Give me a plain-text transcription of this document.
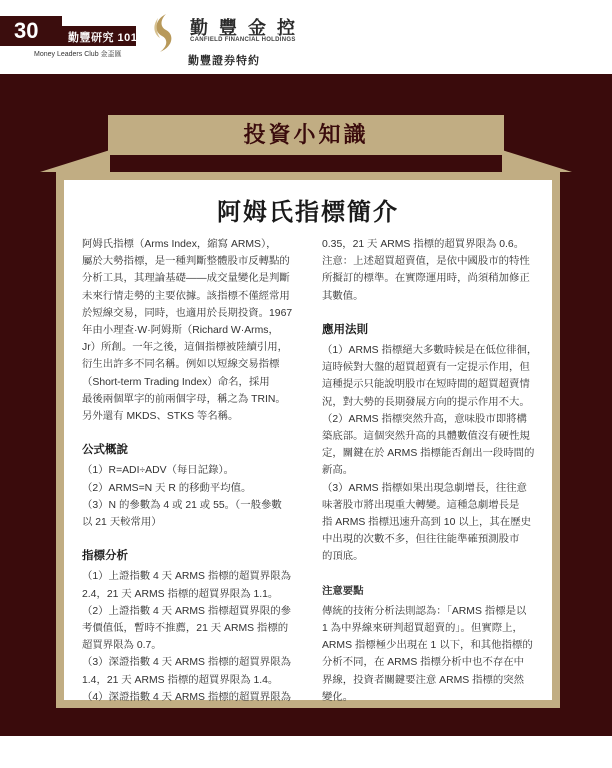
30	勤豐研究 101
Money Leaders Club 金盃匯
勤 豐 金 控
CANFIELD FINANCIAL HOLDINGS
勤豐證券特約
投資小知識
阿姆氏指標簡介

阿姆氏指標（Arms Index，縮寫 ARMS），

屬於大勢指標，是一種判斷整體股市反轉點的

分析工具，其理論基礎——成交量變化是判斷

未來行情走勢的主要依據。該指標不僅經常用

於短線交易，同時，也適用於長期投資。1967

年由小理查·W·阿姆斯（Richard W·Arms，

Jr）所創。一年之後，這個指標被陸續引用，

衍生出許多不同名稱。例如以短線交易指標

（Short-term Trading Index）命名，採用

最後兩個單字的前兩個字母，稱之為 TRIN。

另外還有 MKDS、STKS 等名稱。

公式概說

（1）R=ADI÷ADV（每日記錄）。

（2）ARMS=N 天 R 的移動平均值。

（3）N 的參數為 4 或 21 或 55。（一般參數

以 21 天較常用）

指標分析

（1）上證指數 4 天 ARMS 指標的超買界限為

2.4，21 天 ARMS 指標的超買界限為 1.1。

（2）上證指數 4 天 ARMS 指標超買界限的參

考價值低，暫時不推薦，21 天 ARMS 指標的

超買界限為 0.7。

（3）深證指數 4 天 ARMS 指標的超買界限為

1.4，21 天 ARMS 指標的超買界限為 1.4。

（4）深證指數 4 天 ARMS 指標的超買界限為

0.35，21 天 ARMS 指標的超買界限為 0.6。

注意：上述超買超賣值，是依中國股市的特性

所擬訂的標準。在實際運用時，尚須稍加修正

其數值。

應用法則

（1）ARMS 指標絕大多數時候是在低位徘徊，

這時候對大盤的超買超賣有一定提示作用，但

這種提示只能說明股市在短時間的超買超賣情

況，對大勢的長期發展方向的提示作用不大。

（2）ARMS 指標突然升高，意味股市即將構

築底部。這個突然升高的具體數值沒有硬性規

定，關鍵在於 ARMS 指標能否創出一段時間的

新高。

（3）ARMS 指標如果出現急劇增長，往往意

味著股市將出現重大轉變。這種急劇增長是

指 ARMS 指標迅速升高到 10 以上，其在歷史

中出現的次數不多，但往往能準確預測股市

的頂底。

注意要點

傳統的技術分析法則認為：「ARMS 指標是以

1 為中界線來研判超買超賣的」。但實際上，

ARMS 指標極少出現在 1 以下，和其他指標的

分析不同，在 ARMS 指標分析中也不存在中

界線，投資者關鍵要注意 ARMS 指標的突然

變化。
